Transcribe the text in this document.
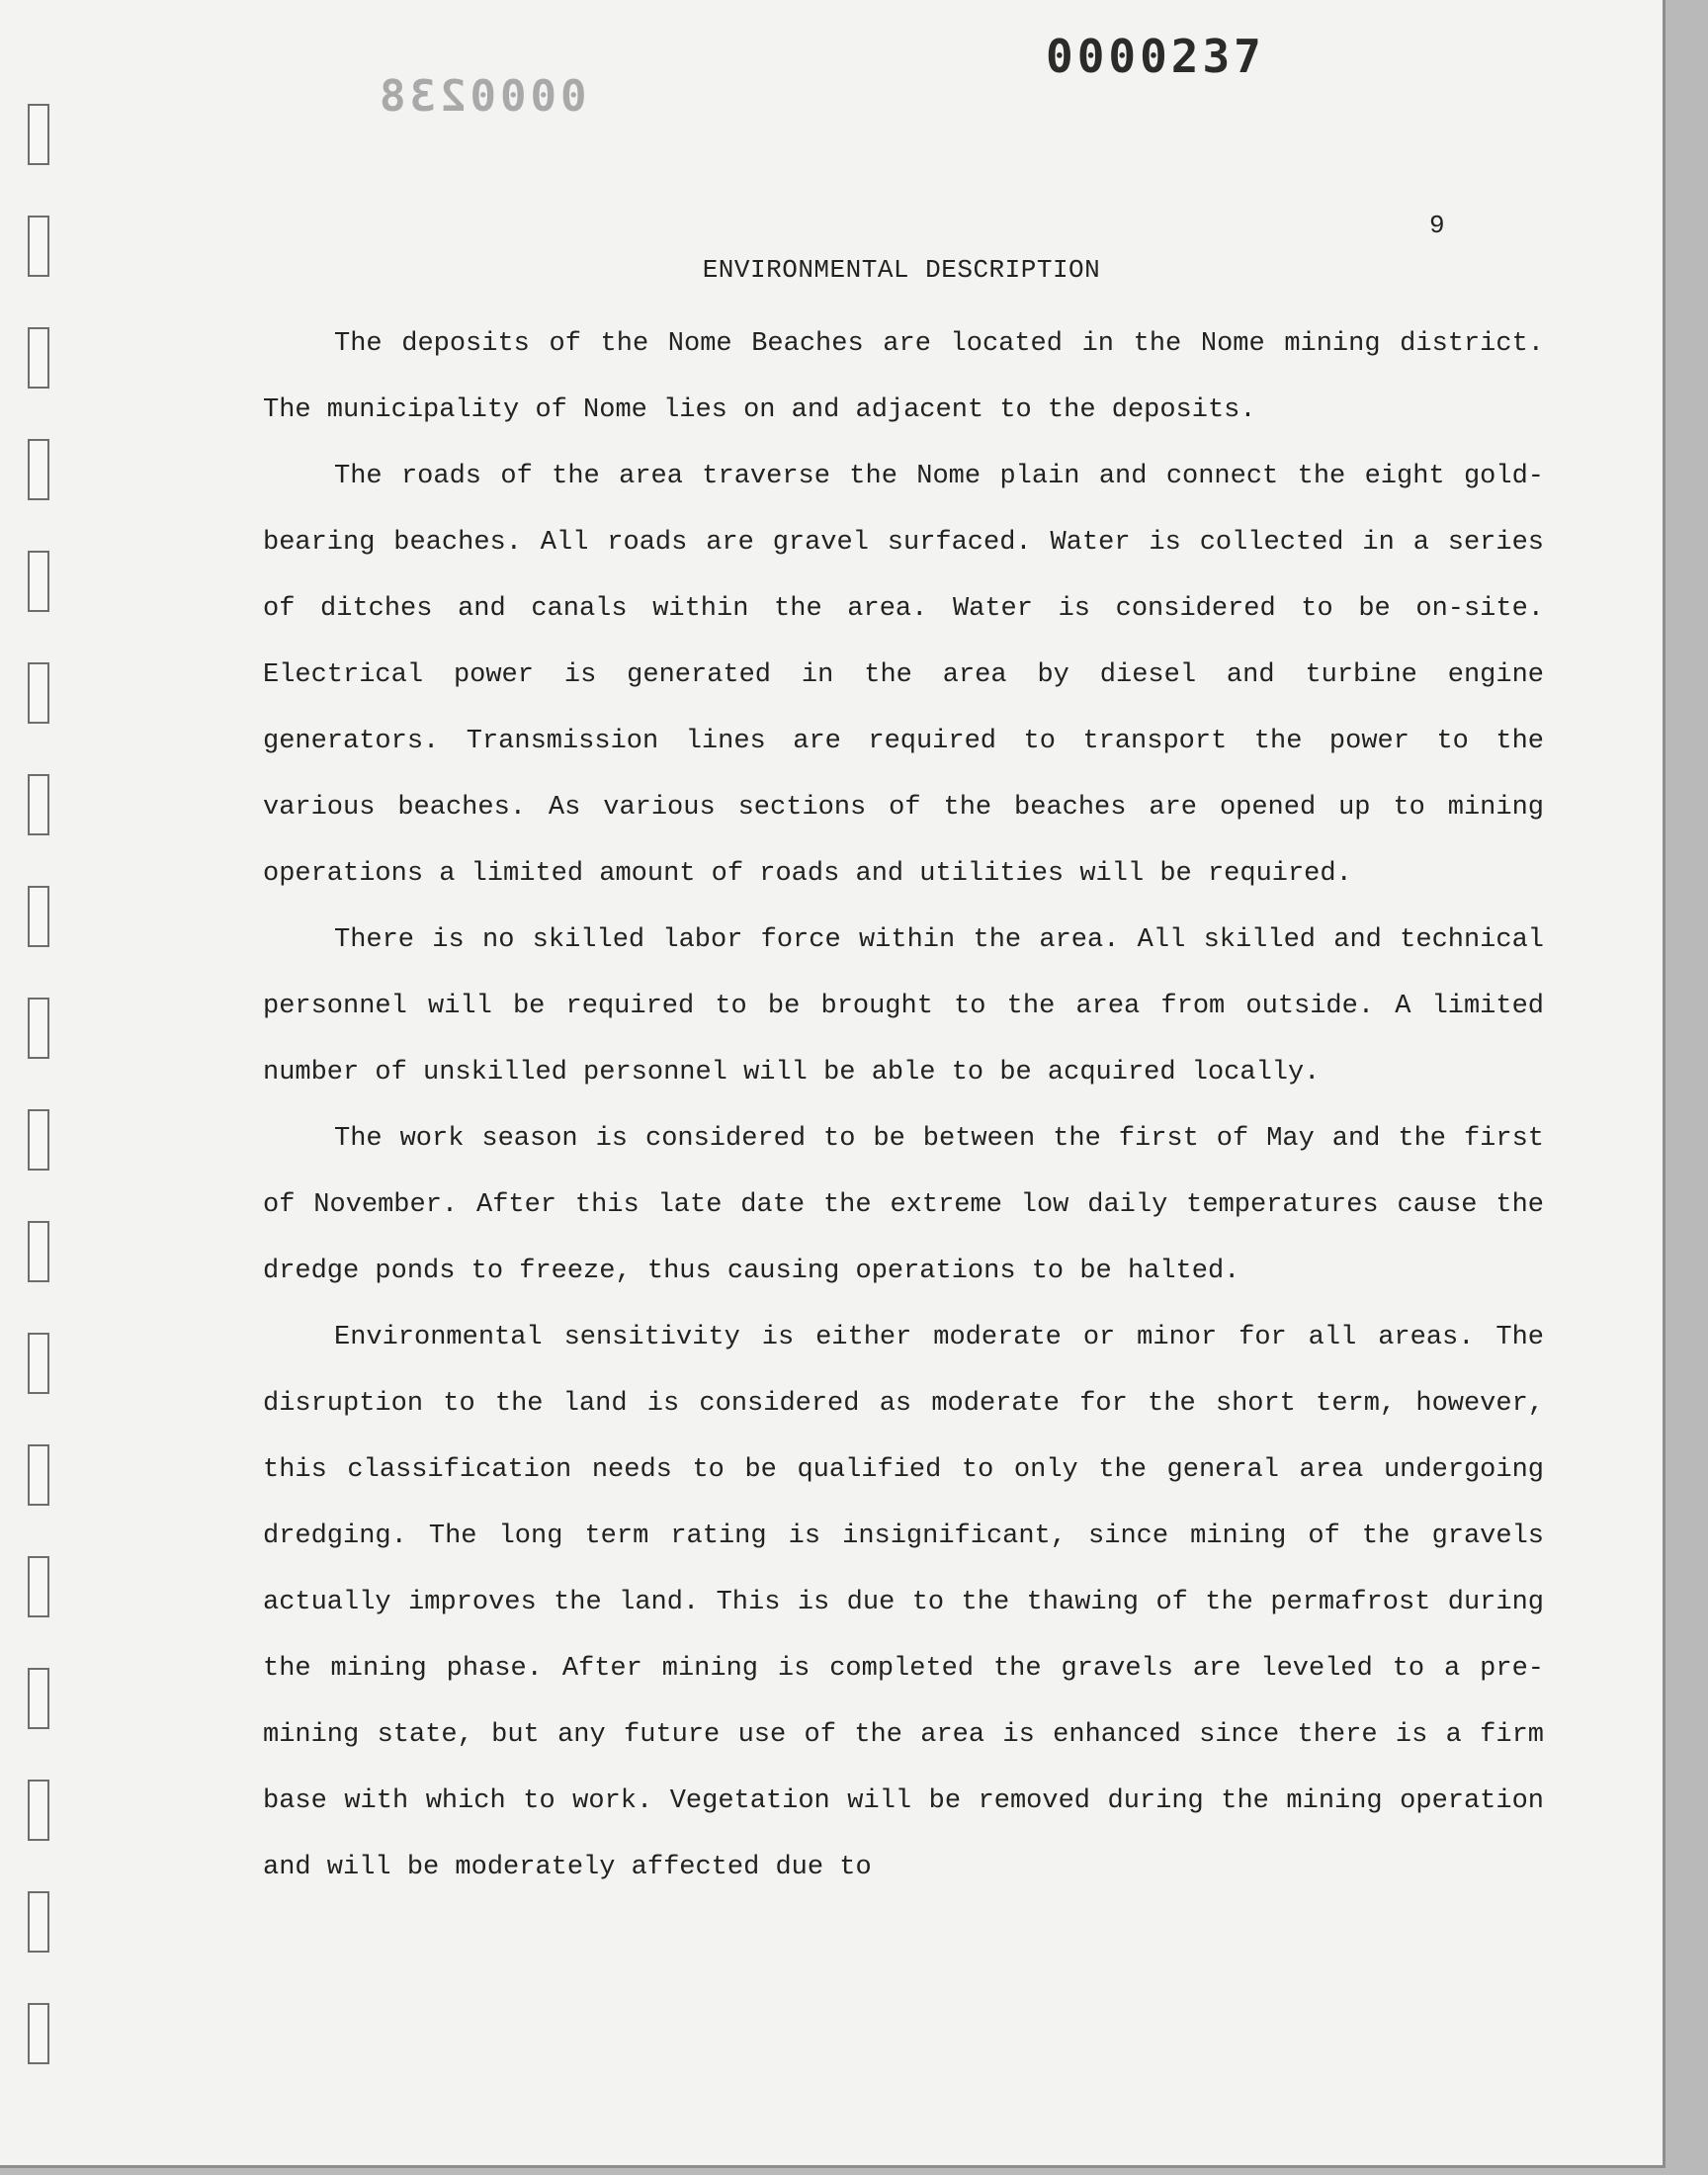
0000237
0000238
9
ENVIRONMENTAL DESCRIPTION

The deposits of the Nome Beaches are located in the Nome mining district. The municipality of Nome lies on and adjacent to the deposits.

The roads of the area traverse the Nome plain and connect the eight gold-bearing beaches. All roads are gravel surfaced. Water is collected in a series of ditches and canals within the area. Water is considered to be on-site. Electrical power is generated in the area by diesel and turbine engine generators. Transmission lines are required to transport the power to the various beaches. As various sections of the beaches are opened up to mining operations a limited amount of roads and utilities will be required.

There is no skilled labor force within the area. All skilled and technical personnel will be required to be brought to the area from outside. A limited number of unskilled personnel will be able to be acquired locally.

The work season is considered to be between the first of May and the first of November. After this late date the extreme low daily temperatures cause the dredge ponds to freeze, thus causing operations to be halted.

Environmental sensitivity is either moderate or minor for all areas. The disruption to the land is considered as moderate for the short term, however, this classification needs to be qualified to only the general area undergoing dredging. The long term rating is insignificant, since mining of the gravels actually improves the land. This is due to the thawing of the permafrost during the mining phase. After mining is completed the gravels are leveled to a pre-mining state, but any future use of the area is enhanced since there is a firm base with which to work. Vegetation will be removed during the mining operation and will be moderately affected due to
